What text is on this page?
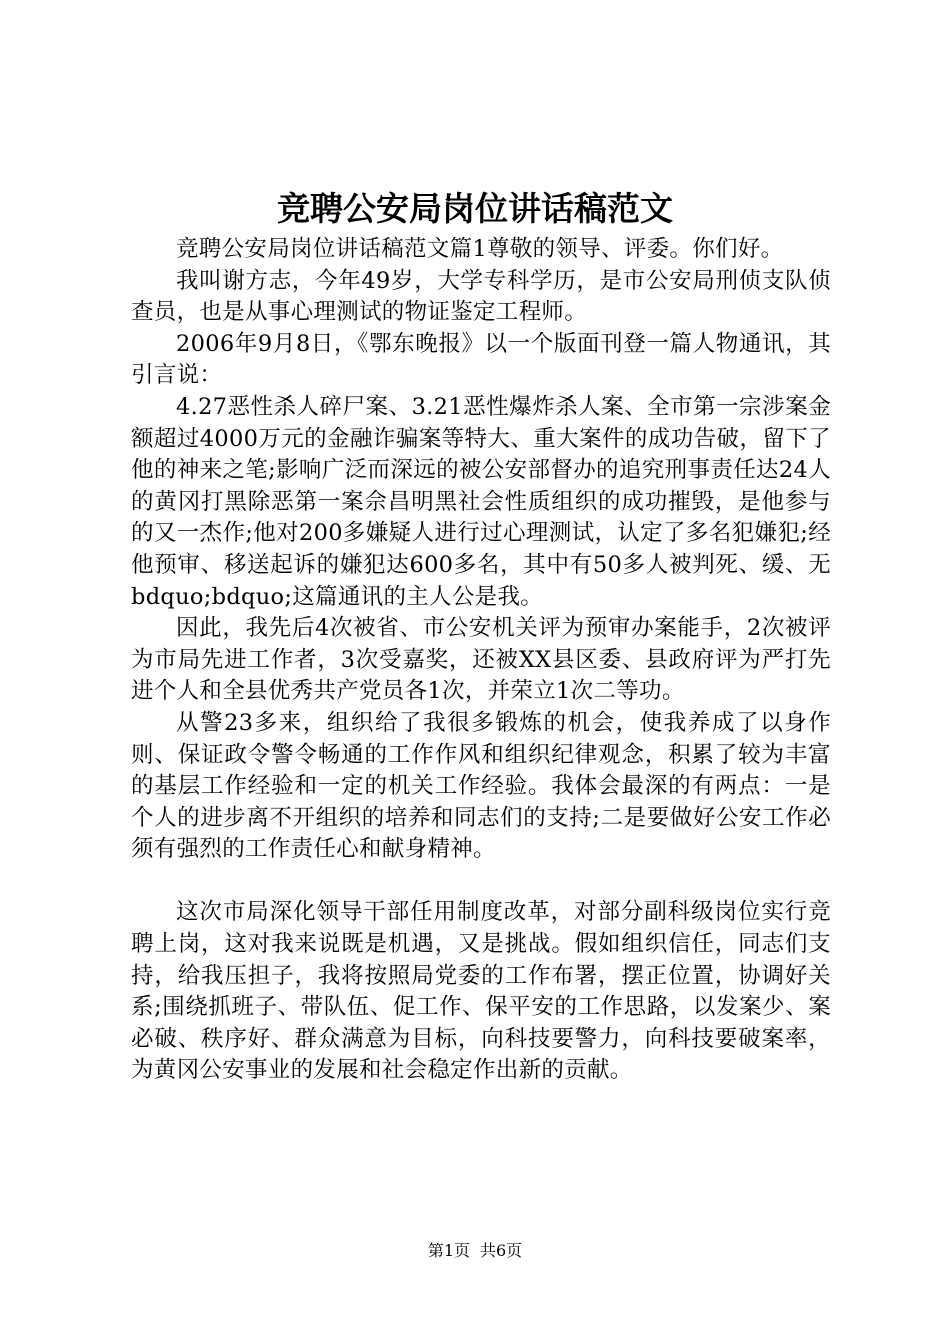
竞聘公安局岗位讲话稿范文

竞聘公安局岗位讲话稿范文篇1尊敬的领导、评委。你们好。

我叫谢方志，今年49岁，大学专科学历，是市公安局刑侦支队侦查员，也是从事心理测试的物证鉴定工程师。

2006年9月8日，《鄂东晚报》以一个版面刊登一篇人物通讯，其引言说：

4.27恶性杀人碎尸案、3.21恶性爆炸杀人案、全市第一宗涉案金额超过4000万元的金融诈骗案等特大、重大案件的成功告破，留下了他的神来之笔;影响广泛而深远的被公安部督办的追究刑事责任达24人的黄冈打黑除恶第一案佘昌明黑社会性质组织的成功摧毁，是他参与的又一杰作;他对200多嫌疑人进行过心理测试，认定了多名犯嫌犯;经他预审、移送起诉的嫌犯达600多名，其中有50多人被判死、缓、无bdquo;bdquo;这篇通讯的主人公是我。

因此，我先后4次被省、市公安机关评为预审办案能手，2次被评为市局先进工作者，3次受嘉奖，还被XX县区委、县政府评为严打先进个人和全县优秀共产党员各1次，并荣立1次二等功。

从警23多来，组织给了我很多锻炼的机会，使我养成了以身作则、保证政令警令畅通的工作作风和组织纪律观念，积累了较为丰富的基层工作经验和一定的机关工作经验。我体会最深的有两点：一是个人的进步离不开组织的培养和同志们的支持;二是要做好公安工作必须有强烈的工作责任心和献身精神。

这次市局深化领导干部任用制度改革，对部分副科级岗位实行竞聘上岗，这对我来说既是机遇，又是挑战。假如组织信任，同志们支持，给我压担子，我将按照局党委的工作布署，摆正位置，协调好关系;围绕抓班子、带队伍、促工作、保平安的工作思路，以发案少、案必破、秩序好、群众满意为目标，向科技要警力，向科技要破案率，为黄冈公安事业的发展和社会稳定作出新的贡献。

第1页 共6页
